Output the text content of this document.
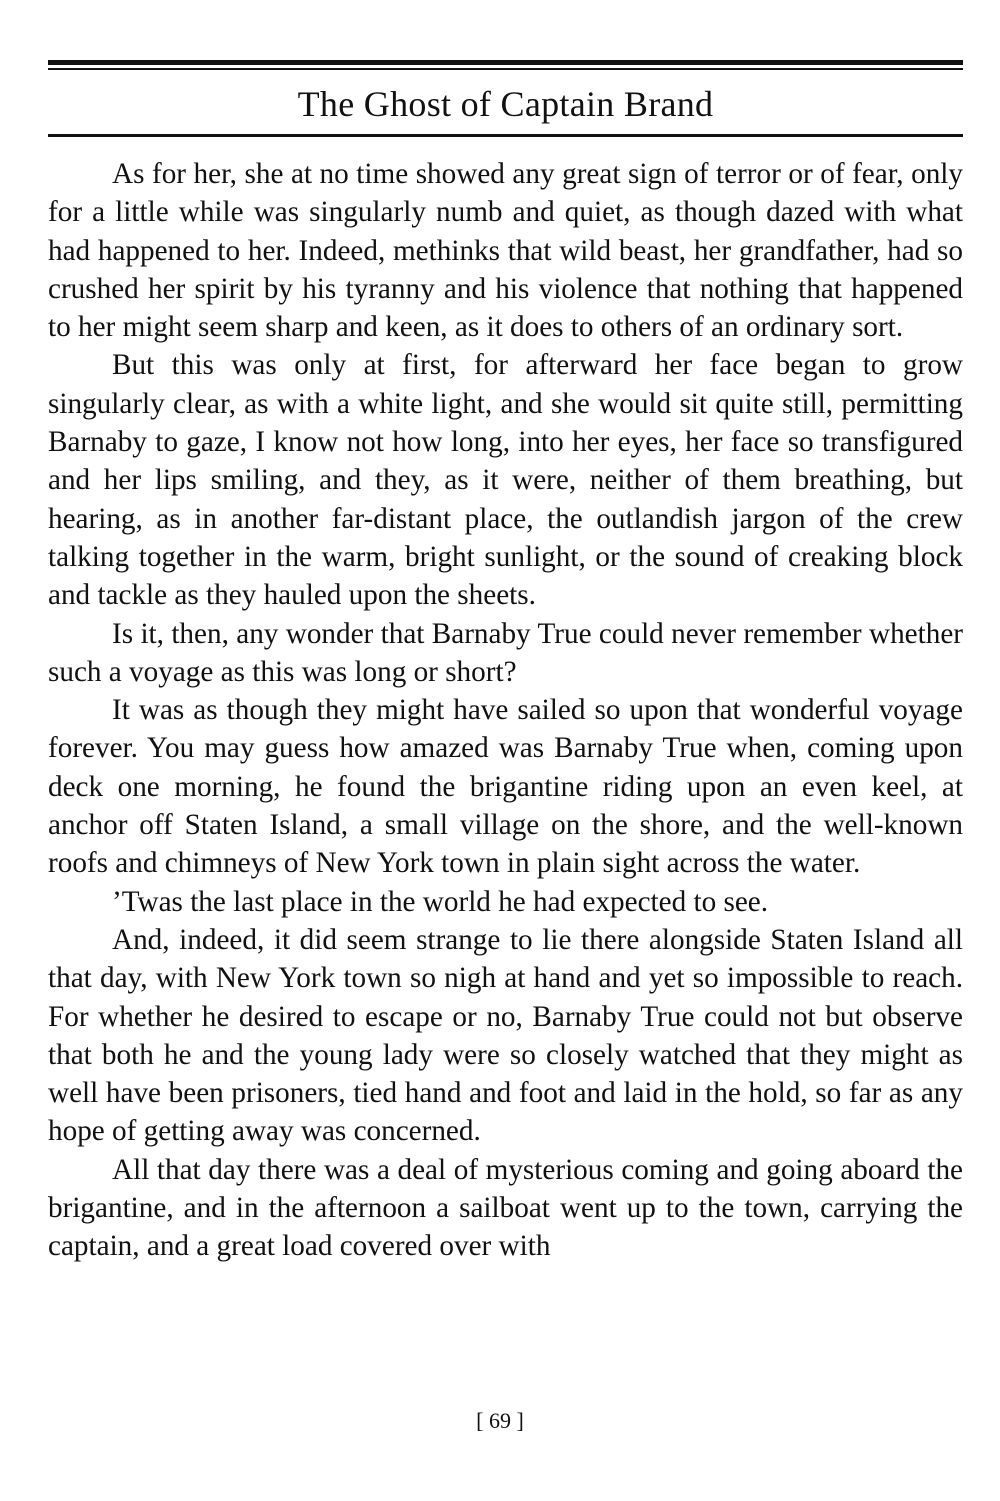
The Ghost of Captain Brand

As for her, she at no time showed any great sign of terror or of fear, only for a little while was singularly numb and quiet, as though dazed with what had happened to her. Indeed, methinks that wild beast, her grandfather, had so crushed her spirit by his tyranny and his violence that nothing that happened to her might seem sharp and keen, as it does to others of an ordinary sort.

But this was only at first, for afterward her face began to grow singularly clear, as with a white light, and she would sit quite still, permitting Barnaby to gaze, I know not how long, into her eyes, her face so transfigured and her lips smiling, and they, as it were, neither of them breathing, but hearing, as in another far-distant place, the outlandish jargon of the crew talking together in the warm, bright sunlight, or the sound of creaking block and tackle as they hauled upon the sheets.

Is it, then, any wonder that Barnaby True could never remember whether such a voyage as this was long or short?

It was as though they might have sailed so upon that wonderful voyage forever. You may guess how amazed was Barnaby True when, coming upon deck one morning, he found the brigantine riding upon an even keel, at anchor off Staten Island, a small village on the shore, and the well-known roofs and chimneys of New York town in plain sight across the water.

’Twas the last place in the world he had expected to see.

And, indeed, it did seem strange to lie there alongside Staten Island all that day, with New York town so nigh at hand and yet so impossible to reach. For whether he desired to escape or no, Barnaby True could not but observe that both he and the young lady were so closely watched that they might as well have been prisoners, tied hand and foot and laid in the hold, so far as any hope of getting away was concerned.

All that day there was a deal of mysterious coming and going aboard the brigantine, and in the afternoon a sailboat went up to the town, carrying the captain, and a great load covered over with

[ 69 ]
